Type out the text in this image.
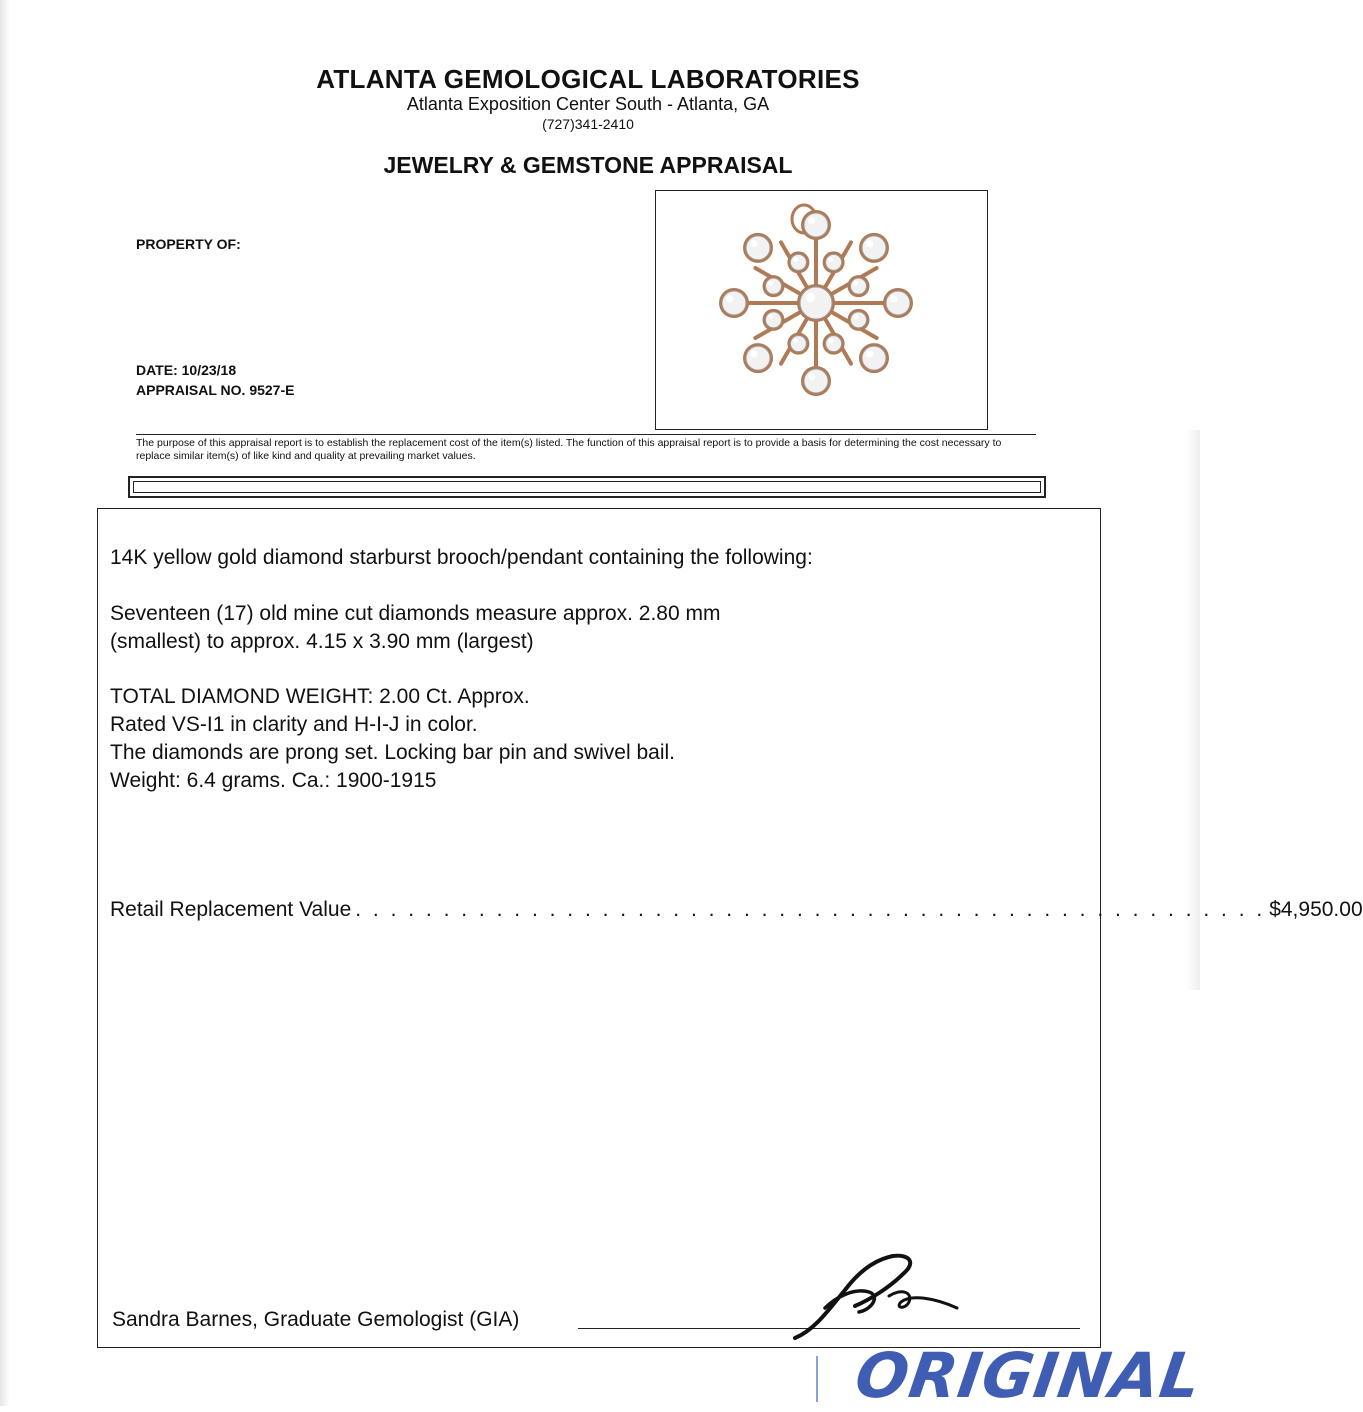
ATLANTA GEMOLOGICAL LABORATORIES
Atlanta Exposition Center South - Atlanta, GA
(727)341-2410
JEWELRY & GEMSTONE APPRAISAL
PROPERTY OF:
DATE: 10/23/18
APPRAISAL NO. 9527-E
The purpose of this appraisal report is to establish the replacement cost of the item(s) listed. The function of this appraisal report is to provide a basis for determining the cost necessary to replace similar item(s) of like kind and quality at prevailing market values.
14K yellow gold diamond starburst brooch/pendant containing the following:
Seventeen (17) old mine cut diamonds measure approx. 2.80 mm
(smallest) to approx. 4.15 x 3.90 mm (largest)
TOTAL DIAMOND WEIGHT: 2.00 Ct. Approx.
Rated VS-I1 in clarity and H-I-J in color.
The diamonds are prong set. Locking bar pin and swivel bail.
Weight: 6.4 grams. Ca.: 1900-1915
Retail Replacement Value . . . . . . . . . . . . . . . . . . . . . . . . . . . . . . . . . . . . . . . . . . . . . . . . . . . . $4,950.00
Sandra Barnes, Graduate Gemologist (GIA)
ORIGINAL
